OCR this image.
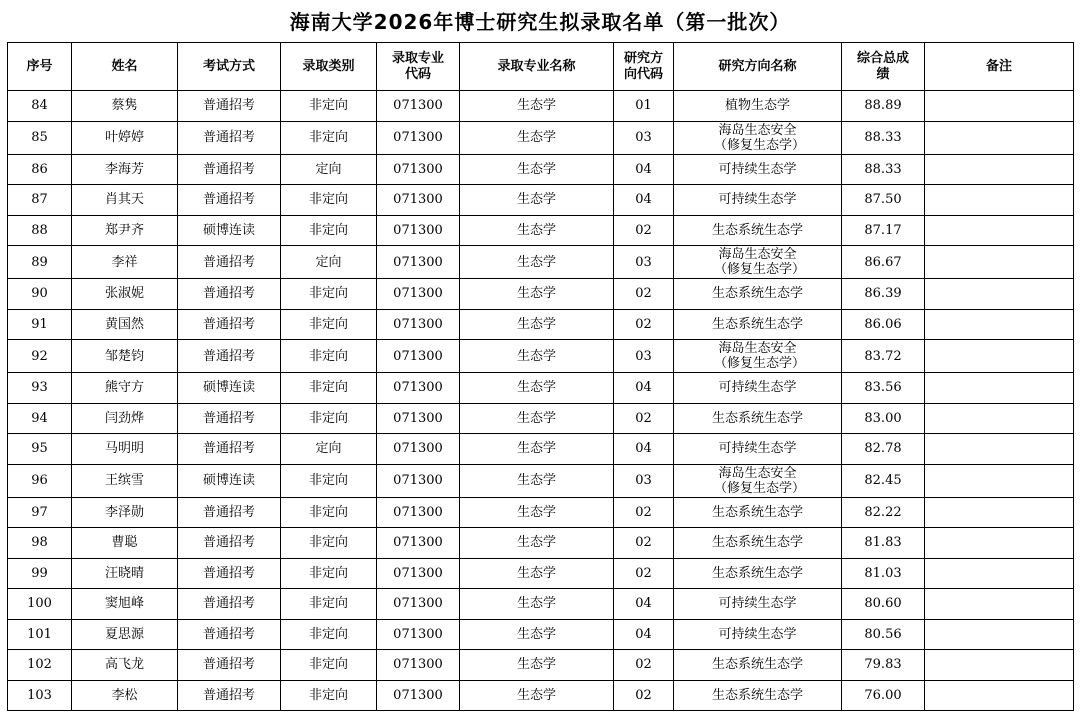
海南大学2026年博士研究生拟录取名单（第一批次）
序号	姓名	考试方式	录取类别	录取专业代码	录取专业名称	研究方向代码	研究方向名称	综合总成绩	备注
84	蔡隽	普通招考	非定向	071300	生态学	01	植物生态学	88.89	
85	叶婷婷	普通招考	非定向	071300	生态学	03	海岛生态安全（修复生态学）	88.33	
86	李海芳	普通招考	定向	071300	生态学	04	可持续生态学	88.33	
87	肖其天	普通招考	非定向	071300	生态学	04	可持续生态学	87.50	
88	郑尹齐	硕博连读	非定向	071300	生态学	02	生态系统生态学	87.17	
89	李祥	普通招考	定向	071300	生态学	03	海岛生态安全（修复生态学）	86.67	
90	张淑妮	普通招考	非定向	071300	生态学	02	生态系统生态学	86.39	
91	黄国然	普通招考	非定向	071300	生态学	02	生态系统生态学	86.06	
92	邹楚钧	普通招考	非定向	071300	生态学	03	海岛生态安全（修复生态学）	83.72	
93	熊守方	硕博连读	非定向	071300	生态学	04	可持续生态学	83.56	
94	闫劲烨	普通招考	非定向	071300	生态学	02	生态系统生态学	83.00	
95	马明明	普通招考	定向	071300	生态学	04	可持续生态学	82.78	
96	王缤雪	硕博连读	非定向	071300	生态学	03	海岛生态安全（修复生态学）	82.45	
97	李泽勋	普通招考	非定向	071300	生态学	02	生态系统生态学	82.22	
98	曹聪	普通招考	非定向	071300	生态学	02	生态系统生态学	81.83	
99	汪晓晴	普通招考	非定向	071300	生态学	02	生态系统生态学	81.03	
100	窦旭峰	普通招考	非定向	071300	生态学	04	可持续生态学	80.60	
101	夏思源	普通招考	非定向	071300	生态学	04	可持续生态学	80.56	
102	高飞龙	普通招考	非定向	071300	生态学	02	生态系统生态学	79.83	
103	李松	普通招考	非定向	071300	生态学	02	生态系统生态学	76.00	
